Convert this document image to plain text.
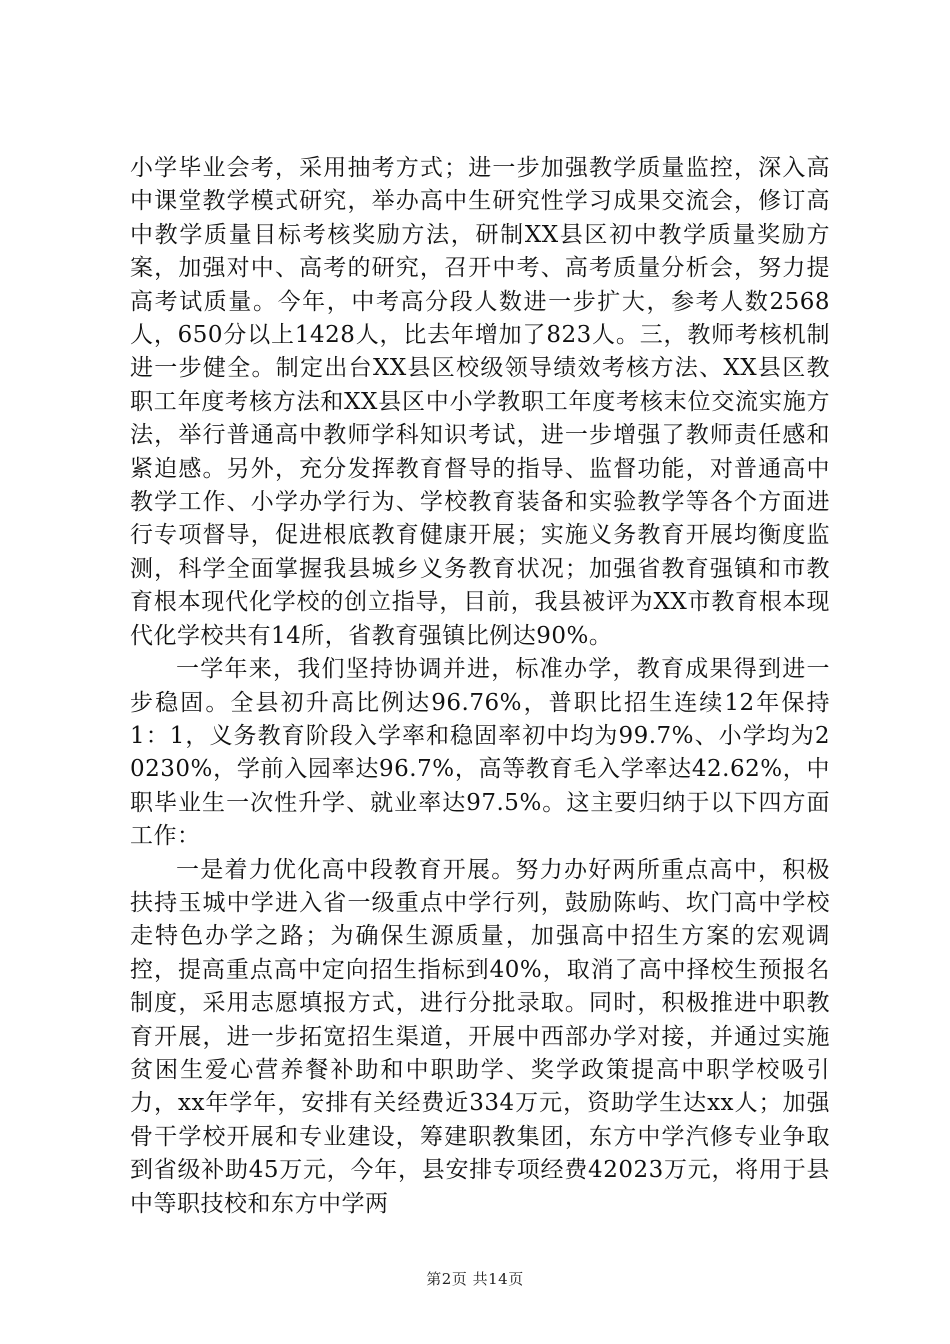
小学毕业会考，采用抽考方式；进一步加强教学质量监控，深入高中课堂教学模式研究，举办高中生研究性学习成果交流会，修订高中教学质量目标考核奖励方法，研制XX县区初中教学质量奖励方案，加强对中、高考的研究，召开中考、高考质量分析会，努力提高考试质量。今年，中考高分段人数进一步扩大，参考人数2568人，650分以上1428人，比去年增加了823人。三，教师考核机制进一步健全。制定出台XX县区校级领导绩效考核方法、XX县区教职工年度考核方法和XX县区中小学教职工年度考核末位交流实施方法，举行普通高中教师学科知识考试，进一步增强了教师责任感和紧迫感。另外，充分发挥教育督导的指导、监督功能，对普通高中教学工作、小学办学行为、学校教育装备和实验教学等各个方面进行专项督导，促进根底教育健康开展；实施义务教育开展均衡度监测，科学全面掌握我县城乡义务教育状况；加强省教育强镇和市教育根本现代化学校的创立指导，目前，我县被评为XX市教育根本现代化学校共有14所，省教育强镇比例达90%。

一学年来，我们坚持协调并进，标准办学，教育成果得到进一步稳固。全县初升高比例达96.76%，普职比招生连续12年保持1：1，义务教育阶段入学率和稳固率初中均为99.7%、小学均为20230%，学前入园率达96.7%，高等教育毛入学率达42.62%，中职毕业生一次性升学、就业率达97.5%。这主要归纳于以下四方面工作：

一是着力优化高中段教育开展。努力办好两所重点高中，积极扶持玉城中学进入省一级重点中学行列，鼓励陈屿、坎门高中学校走特色办学之路；为确保生源质量，加强高中招生方案的宏观调控，提高重点高中定向招生指标到40%，取消了高中择校生预报名制度，采用志愿填报方式，进行分批录取。同时，积极推进中职教育开展，进一步拓宽招生渠道，开展中西部办学对接，并通过实施贫困生爱心营养餐补助和中职助学、奖学政策提高中职学校吸引力，xx年学年，安排有关经费近334万元，资助学生达xx人；加强骨干学校开展和专业建设，筹建职教集团，东方中学汽修专业争取到省级补助45万元，今年，县安排专项经费42023万元，将用于县中等职技校和东方中学两

第2页 共14页
